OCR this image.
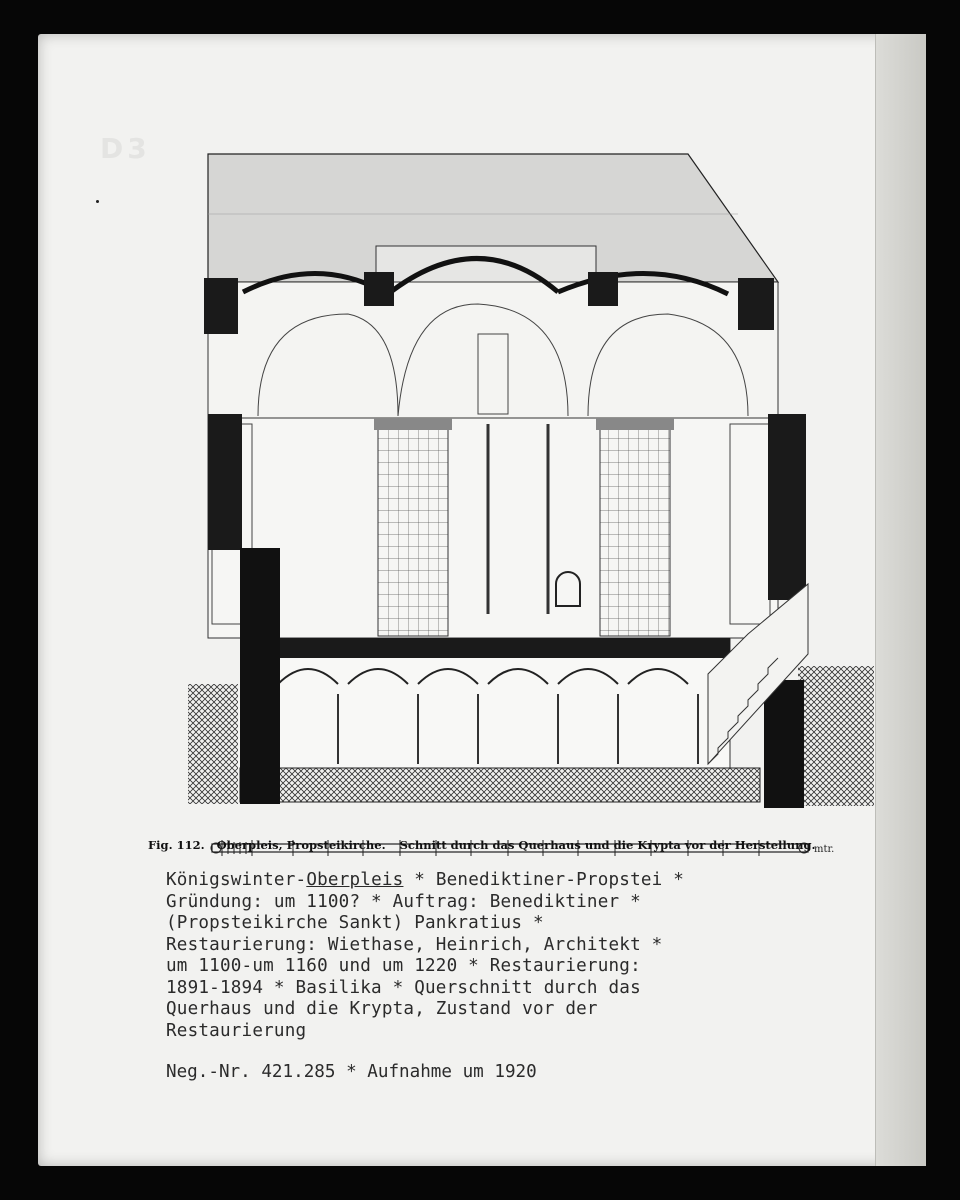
D3
mtr.
Fig. 112. Oberpleis, Propsteikirche. Schnitt durch das Querhaus und die Krypta vor der Herstellung.
Königswinter-Oberpleis * Benediktiner-Propstei *
Gründung: um 1100? * Auftrag: Benediktiner *
(Propsteikirche Sankt) Pankratius *
Restaurierung: Wiethase, Heinrich, Architekt *
um 1100-um 1160 und um 1220 * Restaurierung:
1891-1894 * Basilika * Querschnitt durch das
Querhaus und die Krypta, Zustand vor der
Restaurierung
Neg.-Nr. 421.285 * Aufnahme um 1920
